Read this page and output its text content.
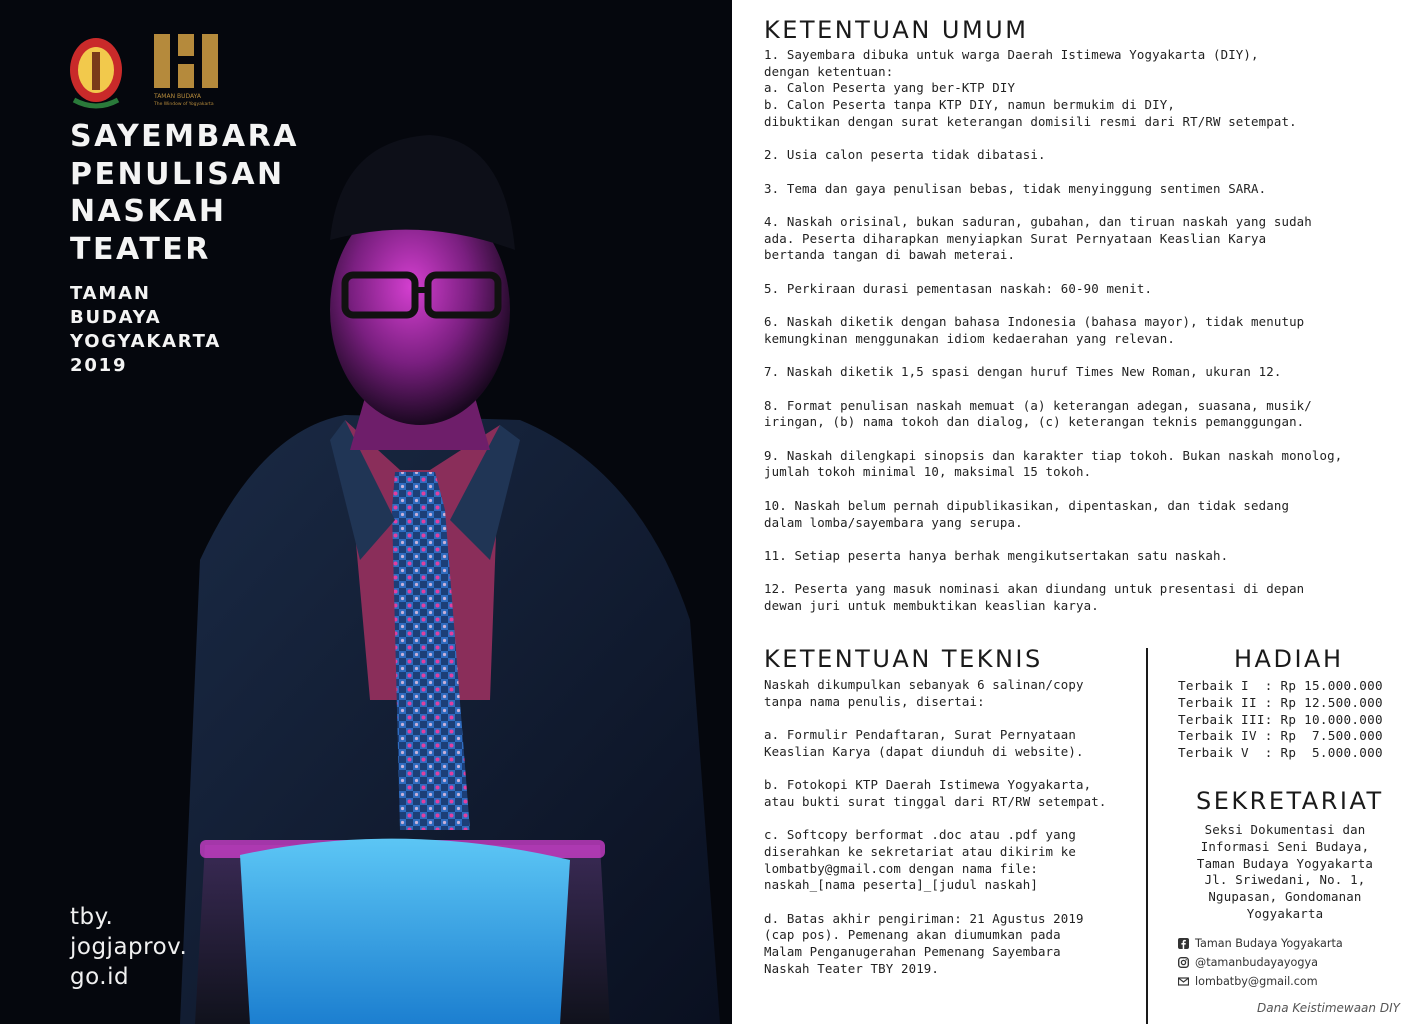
TAMAN BUDAYA
The Window of Yogyakarta
SAYEMBARA
PENULISAN
NASKAH
TEATER
TAMAN
BUDAYA
YOGYAKARTA
2019
tby.
jogjaprov.
go.id
KETENTUAN UMUM
1. Sayembara dibuka untuk warga Daerah Istimewa Yogyakarta (DIY),
dengan ketentuan:
a. Calon Peserta yang ber-KTP DIY
b. Calon Peserta tanpa KTP DIY, namun bermukim di DIY,
dibuktikan dengan surat keterangan domisili resmi dari RT/RW setempat.
2. Usia calon peserta tidak dibatasi.
3. Tema dan gaya penulisan bebas, tidak menyinggung sentimen SARA.
4. Naskah orisinal, bukan saduran, gubahan, dan tiruan naskah yang sudah
ada. Peserta diharapkan menyiapkan Surat Pernyataan Keaslian Karya
bertanda tangan di bawah meterai.
5. Perkiraan durasi pementasan naskah: 60-90 menit.
6. Naskah diketik dengan bahasa Indonesia (bahasa mayor), tidak menutup
kemungkinan menggunakan idiom kedaerahan yang relevan.
7. Naskah diketik 1,5 spasi dengan huruf Times New Roman, ukuran 12.
8. Format penulisan naskah memuat (a) keterangan adegan, suasana, musik/
iringan, (b) nama tokoh dan dialog, (c) keterangan teknis pemanggungan.
9. Naskah dilengkapi sinopsis dan karakter tiap tokoh. Bukan naskah monolog,
jumlah tokoh minimal 10, maksimal 15 tokoh.
10. Naskah belum pernah dipublikasikan, dipentaskan, dan tidak sedang
dalam lomba/sayembara yang serupa.
11. Setiap peserta hanya berhak mengikutsertakan satu naskah.
12. Peserta yang masuk nominasi akan diundang untuk presentasi di depan
dewan juri untuk membuktikan keaslian karya.
KETENTUAN TEKNIS
Naskah dikumpulkan sebanyak 6 salinan/copy
tanpa nama penulis, disertai:
a. Formulir Pendaftaran, Surat Pernyataan
Keaslian Karya (dapat diunduh di website).
b. Fotokopi KTP Daerah Istimewa Yogyakarta,
atau bukti surat tinggal dari RT/RW setempat.
c. Softcopy berformat .doc atau .pdf yang
diserahkan ke sekretariat atau dikirim ke
lombatby@gmail.com dengan nama file:
naskah_[nama peserta]_[judul naskah]
d. Batas akhir pengiriman: 21 Agustus 2019
(cap pos). Pemenang akan diumumkan pada
Malam Penganugerahan Pemenang Sayembara
Naskah Teater TBY 2019.
HADIAH
Terbaik I  : Rp 15.000.000
Terbaik II : Rp 12.500.000
Terbaik III: Rp 10.000.000
Terbaik IV : Rp  7.500.000
Terbaik V  : Rp  5.000.000
SEKRETARIAT
Seksi Dokumentasi dan
Informasi Seni Budaya,
Taman Budaya Yogyakarta
Jl. Sriwedani, No. 1,
Ngupasan, Gondomanan
Yogyakarta
Taman Budaya Yogyakarta
@tamanbudayayogya
lombatby@gmail.com
Dana Keistimewaan DIY
